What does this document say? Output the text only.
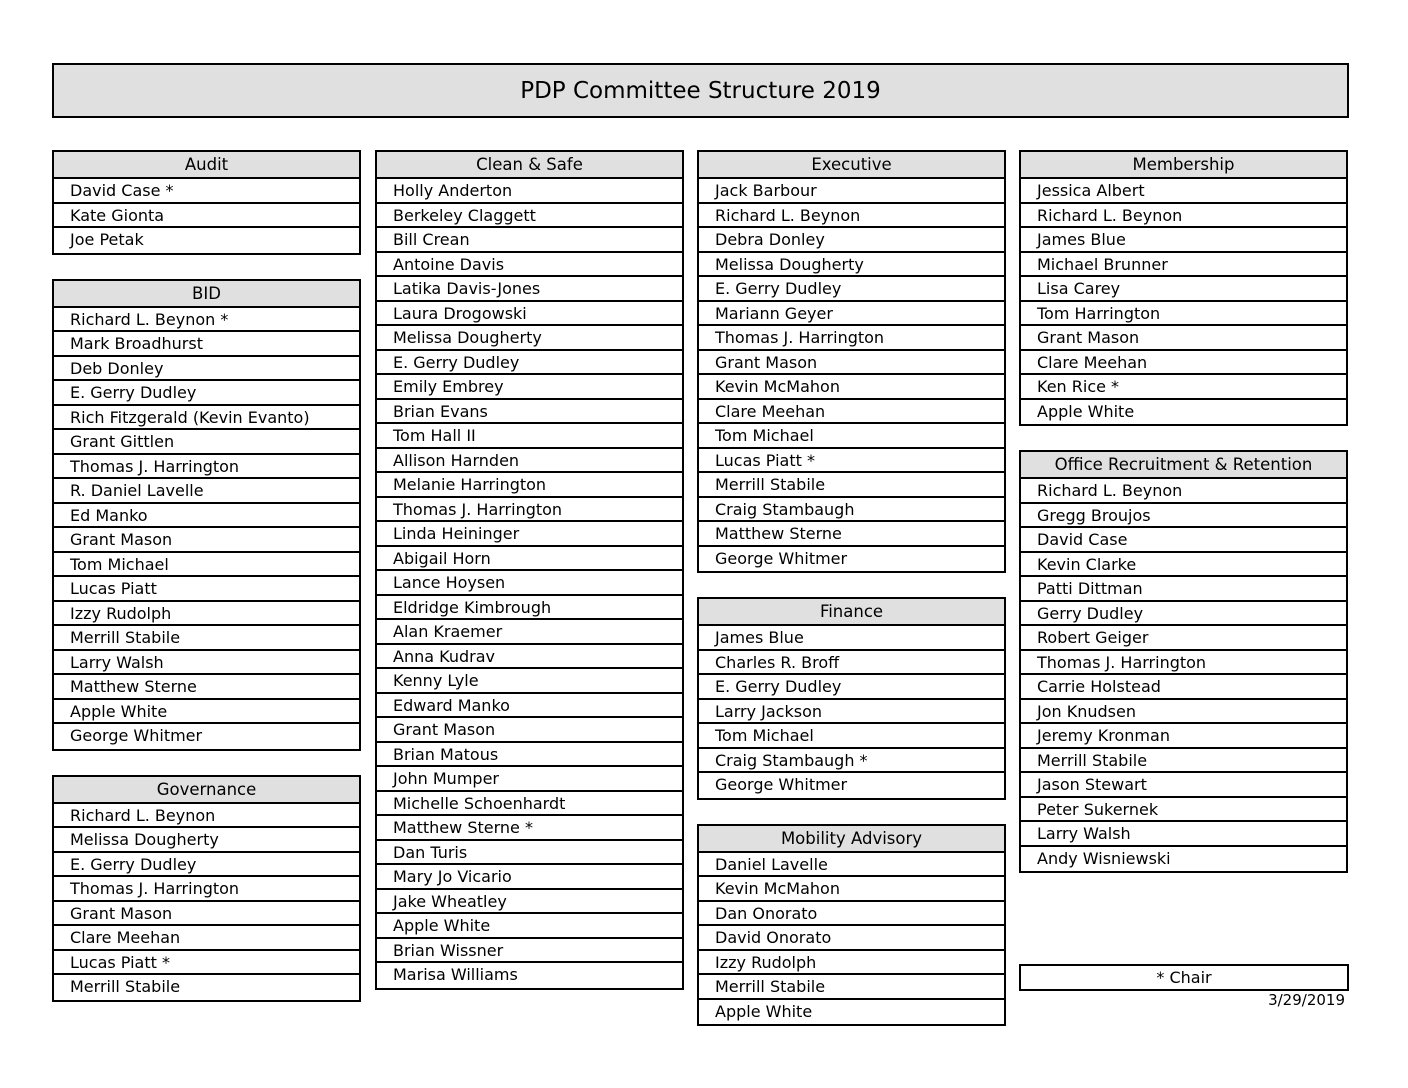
PDP Committee Structure 2019
Audit
David Case *
Kate Gionta
Joe Petak
BID
Richard L. Beynon *
Mark Broadhurst
Deb Donley
E. Gerry Dudley
Rich Fitzgerald (Kevin Evanto)
Grant Gittlen
Thomas J. Harrington
R. Daniel Lavelle
Ed Manko
Grant Mason
Tom Michael
Lucas Piatt
Izzy Rudolph
Merrill Stabile
Larry Walsh
Matthew Sterne
Apple White
George Whitmer
Governance
Richard L. Beynon
Melissa Dougherty
E. Gerry Dudley
Thomas J. Harrington
Grant Mason
Clare Meehan
Lucas Piatt *
Merrill Stabile
Clean & Safe
Holly Anderton
Berkeley Claggett
Bill Crean
Antoine Davis
Latika Davis-Jones
Laura Drogowski
Melissa Dougherty
E. Gerry Dudley
Emily Embrey
Brian Evans
Tom Hall II
Allison Harnden
Melanie Harrington
Thomas J. Harrington
Linda Heininger
Abigail Horn
Lance Hoysen
Eldridge Kimbrough
Alan Kraemer
Anna Kudrav
Kenny Lyle
Edward Manko
Grant Mason
Brian Matous
John Mumper
Michelle Schoenhardt
Matthew Sterne *
Dan Turis
Mary Jo Vicario
Jake Wheatley
Apple White
Brian Wissner
Marisa Williams
Executive
Jack Barbour
Richard L. Beynon
Debra Donley
Melissa Dougherty
E. Gerry Dudley
Mariann Geyer
Thomas J. Harrington
Grant Mason
Kevin McMahon
Clare Meehan
Tom Michael
Lucas Piatt *
Merrill Stabile
Craig Stambaugh
Matthew Sterne
George Whitmer
Finance
James Blue
Charles R. Broff
E. Gerry Dudley
Larry Jackson
Tom Michael
Craig Stambaugh *
George Whitmer
Mobility Advisory
Daniel Lavelle
Kevin McMahon
Dan Onorato
David Onorato
Izzy Rudolph
Merrill Stabile
Apple White
Membership
Jessica Albert
Richard L. Beynon
James Blue
Michael Brunner
Lisa Carey
Tom Harrington
Grant Mason
Clare Meehan
Ken Rice *
Apple White
Office Recruitment & Retention
Richard L. Beynon
Gregg Broujos
David Case
Kevin Clarke
Patti Dittman
Gerry Dudley
Robert Geiger
Thomas J. Harrington
Carrie Holstead
Jon Knudsen
Jeremy Kronman
Merrill Stabile
Jason Stewart
Peter Sukernek
Larry Walsh
Andy Wisniewski
* Chair
3/29/2019
